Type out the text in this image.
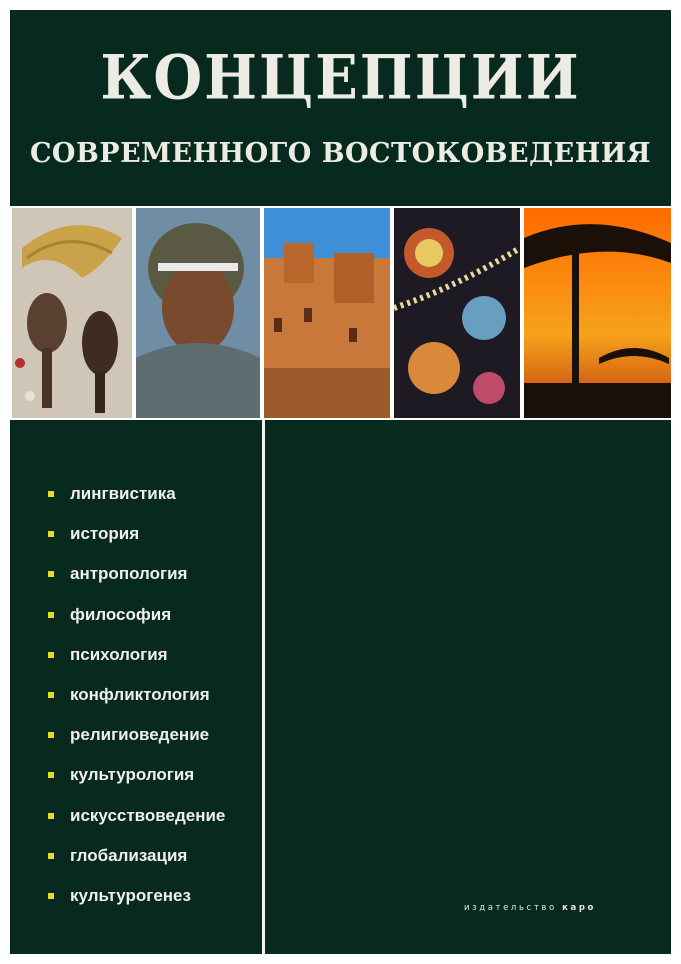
КОНЦЕПЦИИ
СОВРЕМЕННОГО ВОСТОКОВЕДЕНИЯ
лингвистика
история
антропология
философия
психология
конфликтология
религиоведение
культурология
искусствоведение
глобализация
культурогенез
издательство каро
